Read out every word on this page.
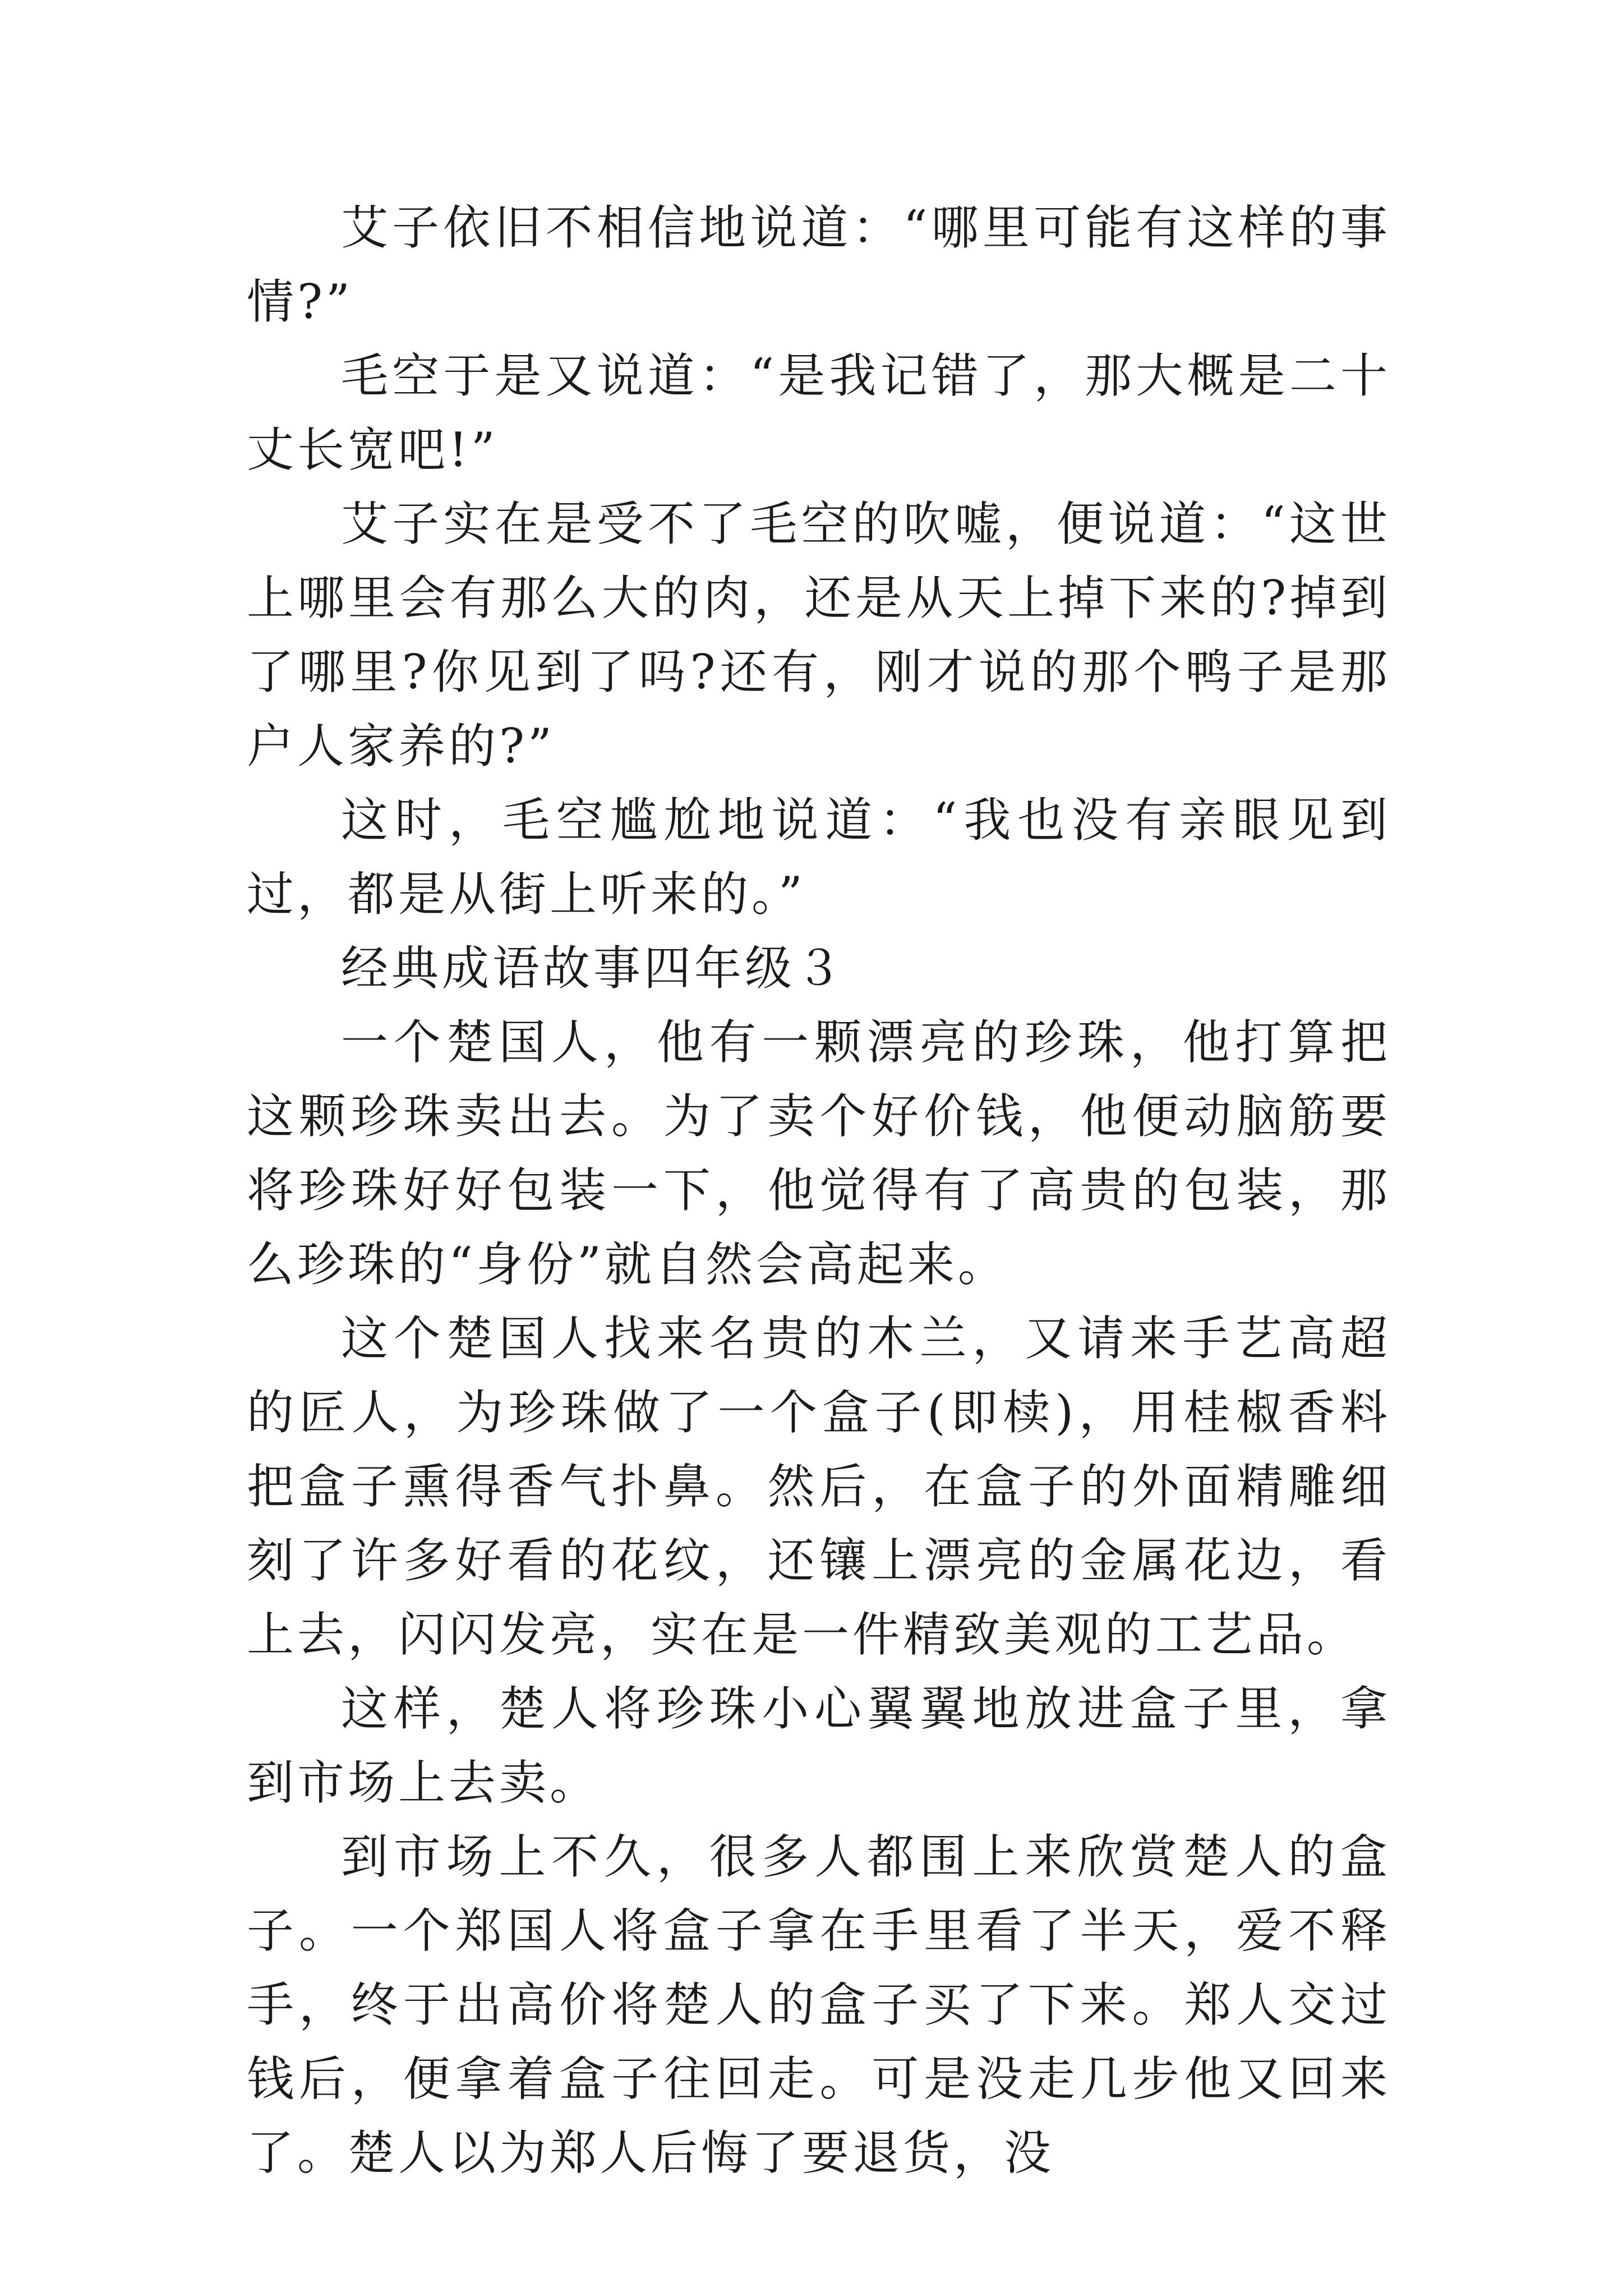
艾子依旧不相信地说道：“哪里可能有这样的事情?”

毛空于是又说道：“是我记错了，那大概是二十丈长宽吧!”

艾子实在是受不了毛空的吹嘘，便说道：“这世上哪里会有那么大的肉，还是从天上掉下来的?掉到了哪里?你见到了吗?还有，刚才说的那个鸭子是那户人家养的?”

这时，毛空尴尬地说道：“我也没有亲眼见到过，都是从街上听来的。”

经典成语故事四年级３

一个楚国人，他有一颗漂亮的珍珠，他打算把这颗珍珠卖出去。为了卖个好价钱，他便动脑筋要将珍珠好好包装一下，他觉得有了高贵的包装，那么珍珠的“身份”就自然会高起来。

这个楚国人找来名贵的木兰，又请来手艺高超的匠人，为珍珠做了一个盒子(即椟)，用桂椒香料把盒子熏得香气扑鼻。然后，在盒子的外面精雕细刻了许多好看的花纹，还镶上漂亮的金属花边，看上去，闪闪发亮，实在是一件精致美观的工艺品。

这样，楚人将珍珠小心翼翼地放进盒子里，拿到市场上去卖。

到市场上不久，很多人都围上来欣赏楚人的盒子。一个郑国人将盒子拿在手里看了半天，爱不释手，终于出高价将楚人的盒子买了下来。郑人交过钱后，便拿着盒子往回走。可是没走几步他又回来了。楚人以为郑人后悔了要退货，没
